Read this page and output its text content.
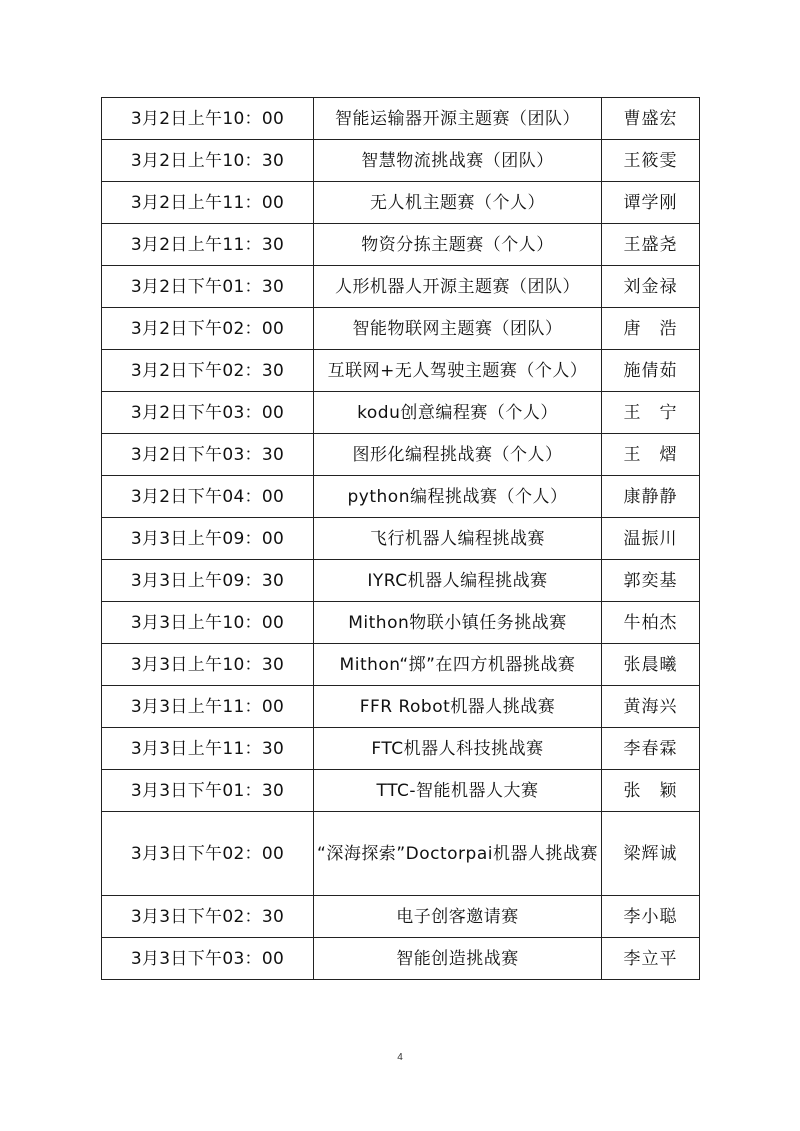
3月2日上午10：00	智能运输器开源主题赛（团队）	曹盛宏
3月2日上午10：30	智慧物流挑战赛（团队）	王筱雯
3月2日上午11：00	无人机主题赛（个人）	谭学刚
3月2日上午11：30	物资分拣主题赛（个人）	王盛尧
3月2日下午01：30	人形机器人开源主题赛（团队）	刘金禄
3月2日下午02：00	智能物联网主题赛（团队）	唐　浩
3月2日下午02：30	互联网+无人驾驶主题赛（个人）	施倩茹
3月2日下午03：00	kodu创意编程赛（个人）	王　宁
3月2日下午03：30	图形化编程挑战赛（个人）	王　熠
3月2日下午04：00	python编程挑战赛（个人）	康静静
3月3日上午09：00	飞行机器人编程挑战赛	温振川
3月3日上午09：30	IYRC机器人编程挑战赛	郭奕基
3月3日上午10：00	Mithon物联小镇任务挑战赛	牛柏杰
3月3日上午10：30	Mithon“掷”在四方机器挑战赛	张晨曦
3月3日上午11：00	FFR Robot机器人挑战赛	黄海兴
3月3日上午11：30	FTC机器人科技挑战赛	李春霖
3月3日下午01：30	TTC-智能机器人大赛	张　颖
3月3日下午02：00	“深海探索”Doctorpai机器人挑战赛	梁辉诚
3月3日下午02：30	电子创客邀请赛	李小聪
3月3日下午03：00	智能创造挑战赛	李立平
4
